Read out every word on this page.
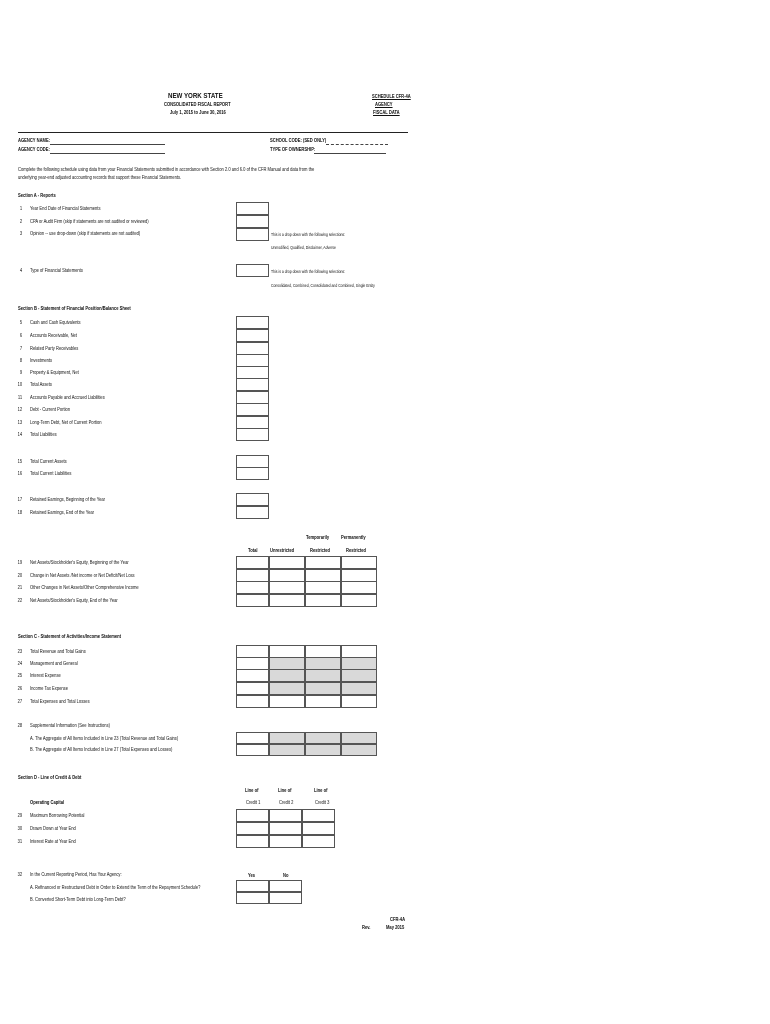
NEW YORK STATE
CONSOLIDATED FISCAL REPORT
July 1, 2015 to June 30, 2016
SCHEDULE CFR-4A
AGENCY
FISCAL DATA
AGENCY NAME:
AGENCY CODE:
SCHOOL CODE: (SED ONLY)
TYPE OF OWNERSHIP:
Complete the following schedule using data from your Financial Statements submitted in accordance with Section 2.0 and 6.0 of the CFR Manual and data from the
underlying year-end adjusted accounting records that support these Financial Statements.
Section A - Reports
1 Year End Date of Financial Statements
2 CPA or Audit Firm (skip if statements are not audited or reviewed)
3 Opinion -- use drop-down (skip if statements are not audited)	This is a drop down with the following selections:
Unmodified, Qualified, Disclaimer, Adverse
4 Type of Financial Statements	This is a drop down with the following selections:
Consolidated, Combined, Consolidated and Combined, Single Entity
Section B - Statement of Financial Position/Balance Sheet
5 Cash and Cash Equivalents
6 Accounts Receivable, Net
7 Related Party Receivables
8 Investments
9 Property & Equipment, Net
10 Total Assets
11 Accounts Payable and Accrued Liabilities
12 Debt - Current Portion
13 Long-Term Debt, Net of Current Portion
14 Total Liabilities
15 Total Current Assets
16 Total Current Liabilities
17 Retained Earnings, Beginning of the Year
18 Retained Earnings, End of the Year
Temporarily Permanently
Total	Unrestricted	Restricted	Restricted
19 Net Assets/Stockholder's Equity, Beginning of the Year
20 Change in Net Assets /Net income or Net Deficit/Net Loss
21 Other Changes in Net Assets/Other Comprehensive Income
22 Net Assets/Stockholder's Equity, End of the Year
Section C - Statement of Activities/Income Statement
23 Total Revenue and Total Gains
24 Management and General
25 Interest Expense
26 Income Tax Expense
27 Total Expenses and Total Losses
28 Supplemental Information (See Instructions)
A. The Aggregate of All Items Included in Line 23 (Total Revenue and Total Gains)
B. The Aggregate of All Items Included in Line 27 (Total Expenses and Losses)
Section D - Line of Credit & Debt
Line of	Line of	Line of
Credit 1	Credit 2	Credit 3
Operating Capital
29 Maximum Borrowing Potential
30 Drawn Down at Year End
31 Interest Rate at Year End
32 In the Current Reporting Period, Has Your Agency:	Yes	No
A. Refinanced or Restructured Debt in Order to Extend the Term of the Repayment Schedule?
B. Converted Short-Term Debt into Long-Term Debt?
CFR-4A
Rev.	May 2015
